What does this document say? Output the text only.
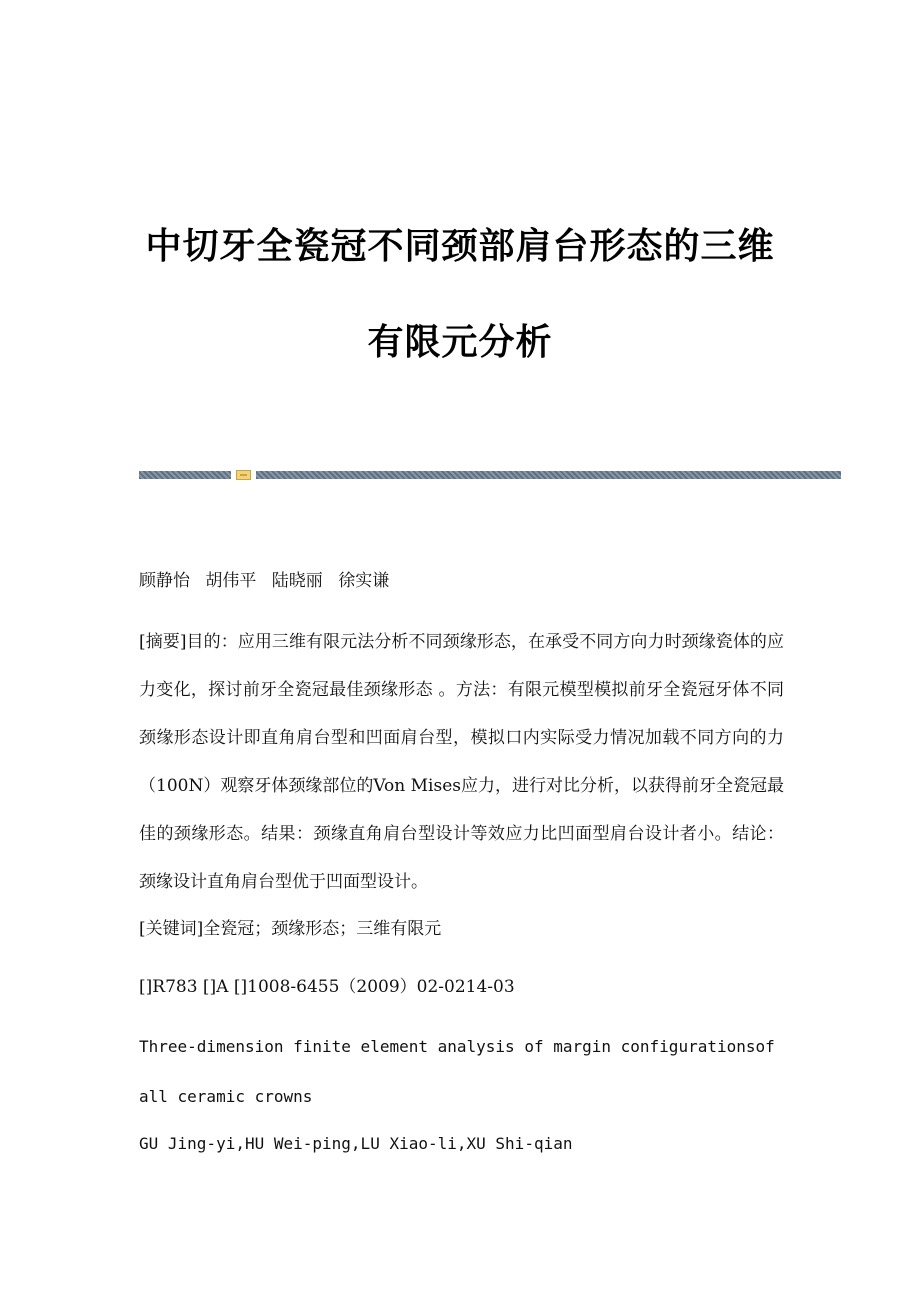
中切牙全瓷冠不同颈部肩台形态的三维
有限元分析
顾静怡 胡伟平 陆晓丽 徐实谦

[摘要]目的：应用三维有限元法分析不同颈缘形态，在承受不同方向力时颈缘瓷体的应力变化，探讨前牙全瓷冠最佳颈缘形态 。方法：有限元模型模拟前牙全瓷冠牙体不同颈缘形态设计即直角肩台型和凹面肩台型，模拟口内实际受力情况加载不同方向的力（100N）观察牙体颈缘部位的Von Mises应力，进行对比分析，以获得前牙全瓷冠最佳的颈缘形态。结果：颈缘直角肩台型设计等效应力比凹面型肩台设计者小。结论：颈缘设计直角肩台型优于凹面型设计。

[关键词]全瓷冠；颈缘形态；三维有限元
[]R783 []A []1008-6455（2009）02-0214-03

Three-dimension finite element analysis of margin configurationsof all ceramic crowns

GU Jing-yi,HU Wei-ping,LU Xiao-li,XU Shi-qian
